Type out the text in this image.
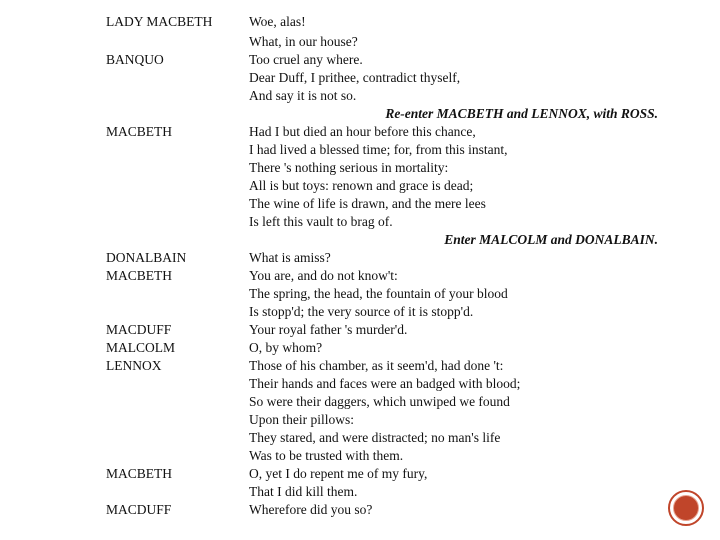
LADY MACBETH
BANQUO
MACBETH
DONALBAIN
MACBETH
MACDUFF
MALCOLM
LENNOX
MACBETH
MACDUFF
Woe, alas!
What, in our house?
Too cruel any where.
Dear Duff, I prithee, contradict thyself,
And say it is not so.
Re-enter MACBETH and LENNOX, with ROSS.
Had I but died an hour before this chance,
I had lived a blessed time; for, from this instant,
There 's nothing serious in mortality:
All is but toys: renown and grace is dead;
The wine of life is drawn, and the mere lees
Is left this vault to brag of.
Enter MALCOLM and DONALBAIN.
What is amiss?
You are, and do not know't:
The spring, the head, the fountain of your blood
Is stopp'd; the very source of it is stopp'd.
Your royal father 's murder'd.
O, by whom?
Those of his chamber, as it seem'd, had done 't:
Their hands and faces were an badged with blood;
So were their daggers, which unwiped we found
Upon their pillows:
They stared, and were distracted; no man's life
Was to be trusted with them.
O, yet I do repent me of my fury,
That I did kill them.
Wherefore did you so?
